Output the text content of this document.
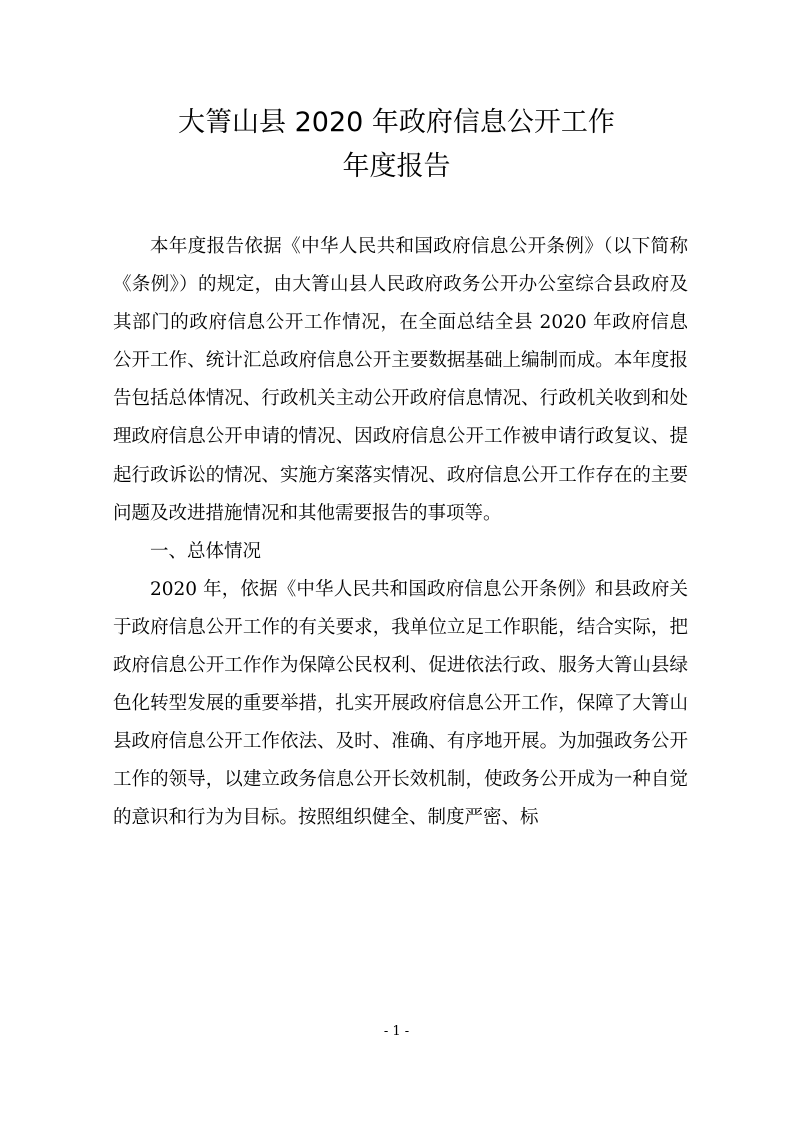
大箐山县 2020 年政府信息公开工作
年度报告

本年度报告依据《中华人民共和国政府信息公开条例》（以下简称《条例》）的规定，由大箐山县人民政府政务公开办公室综合县政府及其部门的政府信息公开工作情况，在全面总结全县 2020 年政府信息公开工作、统计汇总政府信息公开主要数据基础上编制而成。本年度报告包括总体情况、行政机关主动公开政府信息情况、行政机关收到和处理政府信息公开申请的情况、因政府信息公开工作被申请行政复议、提起行政诉讼的情况、实施方案落实情况、政府信息公开工作存在的主要问题及改进措施情况和其他需要报告的事项等。

一、总体情况

2020 年，依据《中华人民共和国政府信息公开条例》和县政府关于政府信息公开工作的有关要求，我单位立足工作职能，结合实际，把政府信息公开工作作为保障公民权利、促进依法行政、服务大箐山县绿色化转型发展的重要举措，扎实开展政府信息公开工作，保障了大箐山县政府信息公开工作依法、及时、准确、有序地开展。为加强政务公开工作的领导，以建立政务信息公开长效机制，使政务公开成为一种自觉的意识和行为为目标。按照组织健全、制度严密、标

- 1 -
